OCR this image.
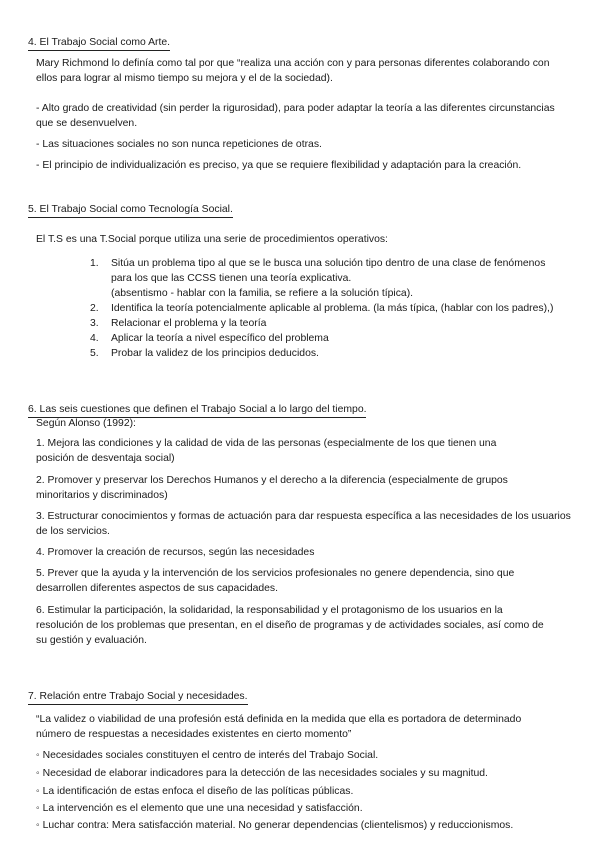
4. El Trabajo Social como Arte.

Mary Richmond lo definía como tal por que “realiza una acción con y para personas diferentes colaborando con ellos para lograr al mismo tiempo su mejora y el de la sociedad).

- Alto grado de creatividad (sin perder la rigurosidad), para poder adaptar la teoría a las diferentes circunstancias que se desenvuelven.

- Las situaciones sociales no son nunca repeticiones de otras.

- El principio de individualización es preciso, ya que se requiere flexibilidad y adaptación para la creación.

5. El Trabajo Social como Tecnología Social.

El T.S es una T.Social porque utiliza una serie de procedimientos operativos:

1. Sitúa un problema tipo al que se le busca una solución tipo dentro de una clase de fenómenos para los que las CCSS tienen una teoría explicativa.
(absentismo - hablar con la familia, se refiere a la solución típica).
2. Identifica la teoría potencialmente aplicable al problema. (la más típica, (hablar con los padres),)
3. Relacionar el problema y la teoría
4. Aplicar la teoría a nivel específico del problema
5. Probar la validez de los principios deducidos.
6. Las seis cuestiones que definen el Trabajo Social a lo largo del tiempo.

Según Alonso (1992):

1. Mejora las condiciones y la calidad de vida de las personas (especialmente de los que tienen una posición de desventaja social)

2. Promover y preservar los Derechos Humanos y el derecho a la diferencia (especialmente de grupos minoritarios y discriminados)

3. Estructurar conocimientos y formas de actuación para dar respuesta específica a las necesidades de los usuarios de los servicios.

4. Promover la creación de recursos, según las necesidades

5. Prever que la ayuda y la intervención de los servicios profesionales no genere dependencia, sino que desarrollen diferentes aspectos de sus capacidades.

6. Estimular la participación, la solidaridad, la responsabilidad y el protagonismo de los usuarios en la resolución de los problemas que presentan, en el diseño de programas y de actividades sociales, así como de su gestión y evaluación.

7. Relación entre Trabajo Social y necesidades.

“La validez o viabilidad de una profesión está definida en la medida que ella es portadora de determinado número de respuestas a necesidades existentes en cierto momento”

◦ Necesidades sociales constituyen el centro de interés del Trabajo Social.
◦ Necesidad de elaborar indicadores para la detección de las necesidades sociales y su magnitud.
◦ La identificación de estas enfoca el diseño de las políticas públicas.
◦ La intervención es el elemento que une una necesidad y satisfacción.
◦ Luchar contra: Mera satisfacción material. No generar dependencias (clientelismos) y reduccionismos.
